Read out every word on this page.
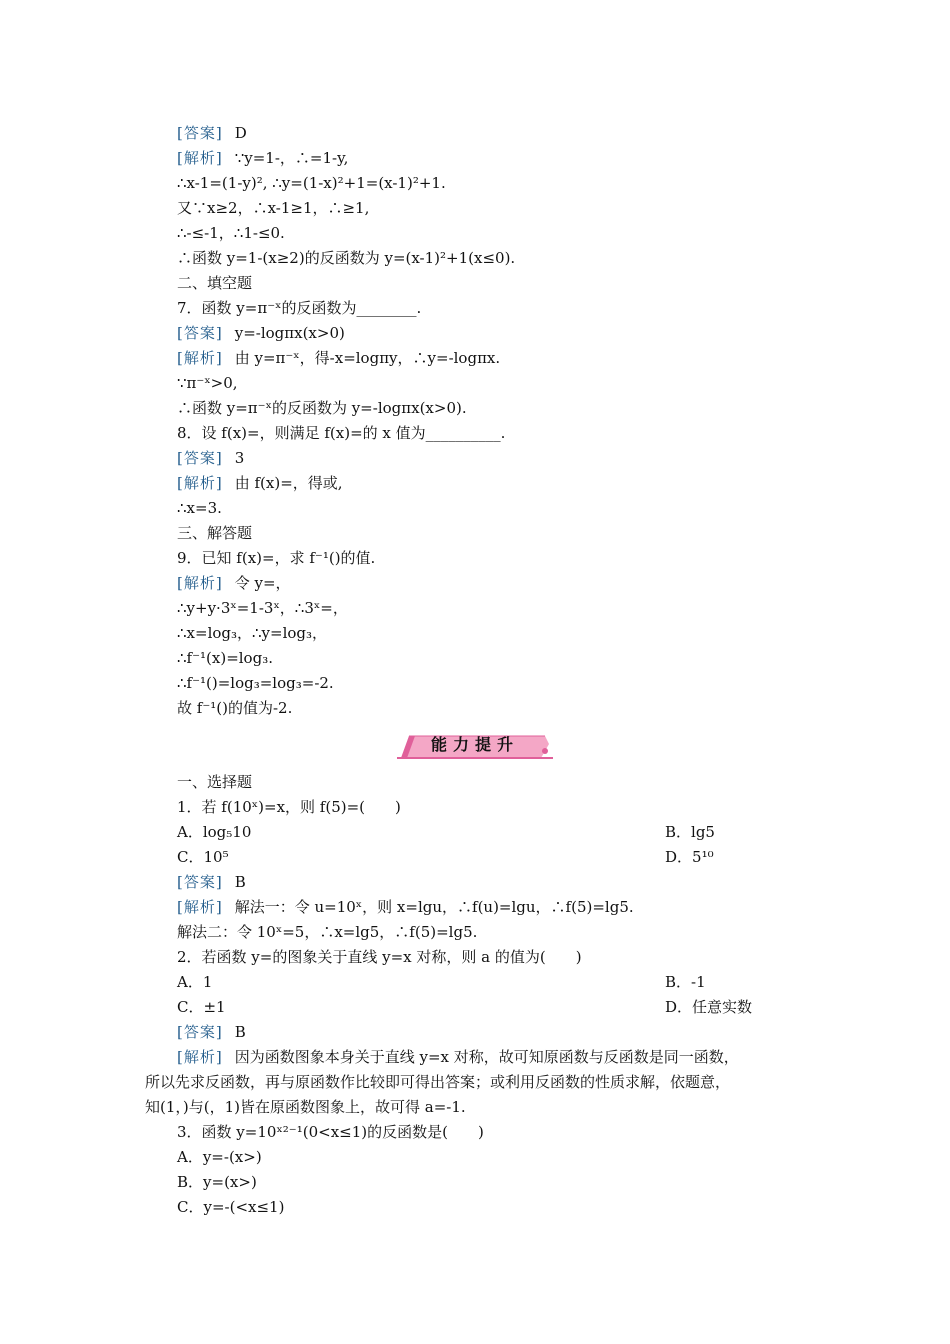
[答案] D
[解析] ∵y=1-，∴=1-y,
∴x-1=(1-y)², ∴y=(1-x)²+1=(x-1)²+1.
又∵x≥2，∴x-1≥1，∴≥1,
∴-≤-1，∴1-≤0.
∴函数 y=1-(x≥2)的反函数为 y=(x-1)²+1(x≤0).
二、填空题
7．函数 y=π⁻ˣ的反函数为________.
[答案] y=-logπx(x>0)
[解析] 由 y=π⁻ˣ，得-x=logπy，∴y=-logπx.
∵π⁻ˣ>0,
∴函数 y=π⁻ˣ的反函数为 y=-logπx(x>0).
8．设 f(x)=，则满足 f(x)=的 x 值为__________.
[答案] 3
[解析] 由 f(x)=，得或,
∴x=3.
三、解答题
9．已知 f(x)=，求 f⁻¹()的值.
[解析] 令 y=，
∴y+y·3ˣ=1-3ˣ，∴3ˣ=，
∴x=log₃，∴y=log₃，
∴f⁻¹(x)=log₃.
∴f⁻¹()=log₃=log₃=-2.
故 f⁻¹()的值为-2.
能力提升
一、选择题
1．若 f(10ˣ)=x，则 f(5)=(　　)
A．log₅10	B．lg5
C．10⁵	D．5¹⁰
[答案] B
[解析] 解法一：令 u=10ˣ，则 x=lgu，∴f(u)=lgu，∴f(5)=lg5.
解法二：令 10ˣ=5，∴x=lg5，∴f(5)=lg5.
2．若函数 y=的图象关于直线 y=x 对称，则 a 的值为(　　)
A．1	B．-1
C．±1	D．任意实数
[答案] B
[解析] 因为函数图象本身关于直线 y=x 对称，故可知原函数与反函数是同一函数，
所以先求反函数，再与原函数作比较即可得出答案；或利用反函数的性质求解，依题意，
知(1，)与(，1)皆在原函数图象上，故可得 a=-1.
3．函数 y=10ˣ²⁻¹(0<x≤1)的反函数是(　　)
A．y=-(x>)
B．y=(x>)
C．y=-(<x≤1)
